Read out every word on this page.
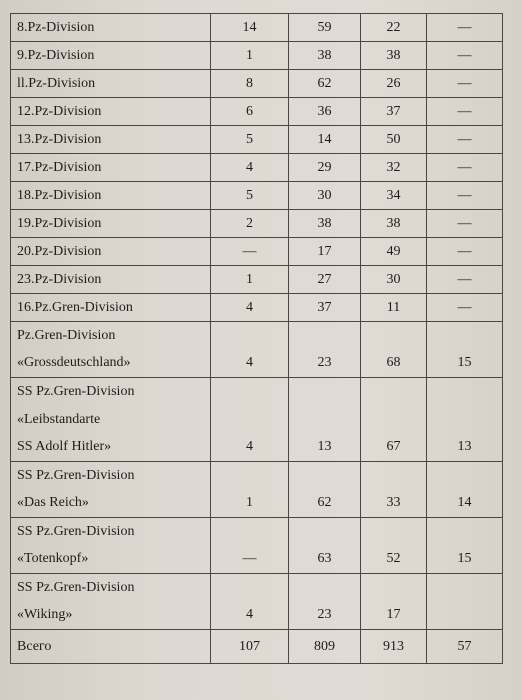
8.Pz-Division	14	59	22	—
9.Pz-Division	1	38	38	—
ll.Pz-Division	8	62	26	—
12.Pz-Division	6	36	37	—
13.Pz-Division	5	14	50	—
17.Pz-Division	4	29	32	—
18.Pz-Division	5	30	34	—
19.Pz-Division	2	38	38	—
20.Pz-Division	—	17	49	—
23.Pz-Division	1	27	30	—
16.Pz.Gren-Division	4	37	11	—
Pz.Gren-Division				
«Grossdeutschland»	4	23	68	15
SS Pz.Gren-Division				
«Leibstandarte				
SS Adolf Hitler»	4	13	67	13
SS Pz.Gren-Division				
«Das Reich»	1	62	33	14
SS Pz.Gren-Division				
«Totenkopf»	—	63	52	15
SS Pz.Gren-Division				
«Wiking»	4	23	17	
Всего	107	809	913	57
